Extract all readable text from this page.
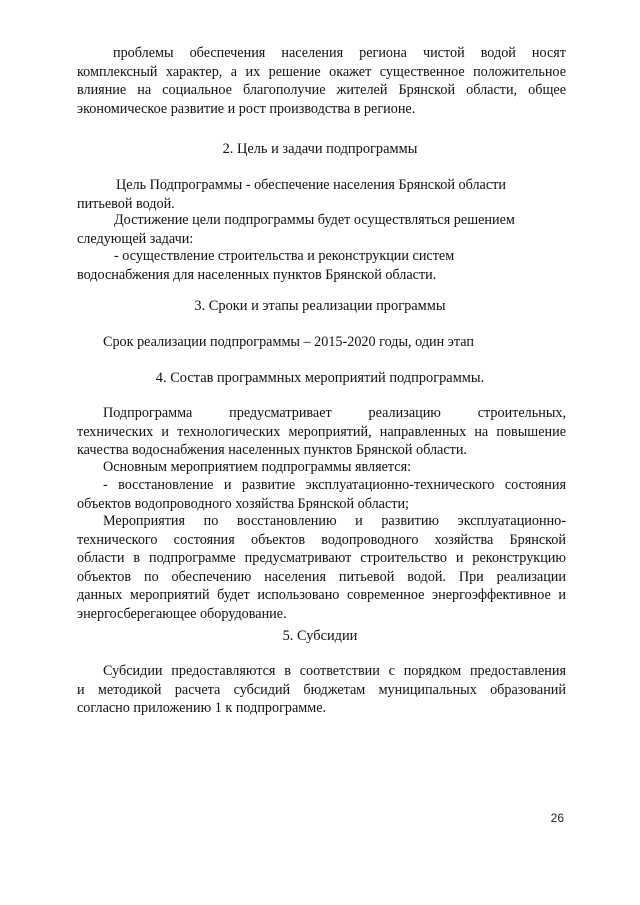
проблемы обеспечения населения региона чистой водой носят
комплексный характер, а их решение окажет существенное положительное
влияние на социальное благополучие жителей Брянской области, общее
экономическое развитие и рост производства в регионе.
2. Цель и задачи подпрограммы
Цель Подпрограммы - обеспечение населения Брянской области
питьевой водой.
Достижение цели подпрограммы будет осуществляться решением
следующей задачи:
- осуществление строительства и реконструкции систем
водоснабжения для населенных пунктов Брянской области.
3. Сроки и этапы реализации программы
Срок реализации подпрограммы – 2015-2020 годы, один этап
4. Состав программных мероприятий подпрограммы.
Подпрограмма предусматривает реализацию строительных,
технических и технологических мероприятий, направленных на повышение
качества водоснабжения населенных пунктов Брянской области.
Основным мероприятием подпрограммы является:
- восстановление и развитие эксплуатационно-технического состояния
объектов водопроводного хозяйства Брянской области;
Мероприятия по восстановлению и развитию эксплуатационно-
технического состояния объектов водопроводного хозяйства Брянской
области в подпрограмме предусматривают строительство и реконструкцию
объектов по обеспечению населения питьевой водой. При реализации
данных мероприятий будет использовано современное энергоэффективное и
энергосберегающее оборудование.
5. Субсидии
Субсидии предоставляются в соответствии с порядком предоставления
и методикой расчета субсидий бюджетам муниципальных образований
согласно приложению 1 к подпрограмме.
26
